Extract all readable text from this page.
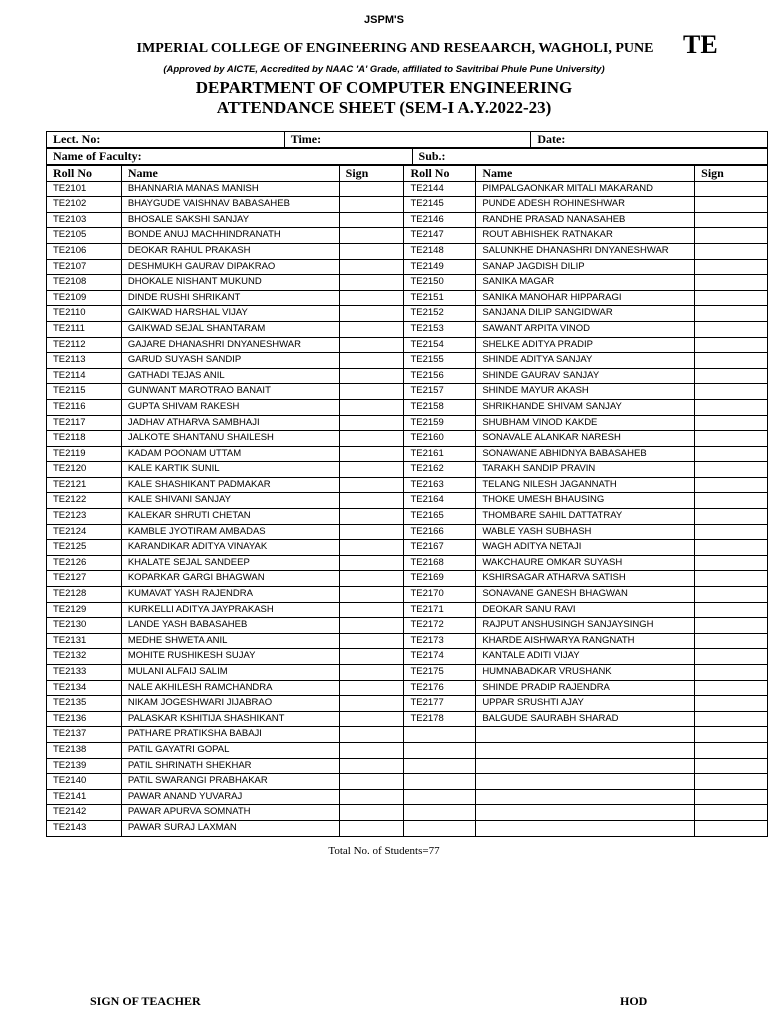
JSPM'S
IMPERIAL COLLEGE OF ENGINEERING AND RESEAARCH, WAGHOLI, PUNE	TE
(Approved by AICTE, Accredited by NAAC 'A' Grade, affiliated to Savitribai Phule Pune University)
DEPARTMENT OF COMPUTER ENGINEERING
ATTENDANCE SHEET (SEM-I A.Y.2022-23)
Lect. No:	Time:	Date:
Name of Faculty:	Sub.:
Roll No	Name	Sign	Roll No	Name	Sign
TE2101	BHANNARIA MANAS MANISH		TE2144	PIMPALGAONKAR MITALI MAKARAND	
TE2102	BHAYGUDE VAISHNAV BABASAHEB		TE2145	PUNDE ADESH ROHINESHWAR	
TE2103	BHOSALE SAKSHI SANJAY		TE2146	RANDHE PRASAD NANASAHEB	
TE2105	BONDE ANUJ MACHHINDRANATH		TE2147	ROUT ABHISHEK RATNAKAR	
TE2106	DEOKAR RAHUL PRAKASH		TE2148	SALUNKHE DHANASHRI DNYANESHWAR	
TE2107	DESHMUKH GAURAV DIPAKRAO		TE2149	SANAP JAGDISH DILIP	
TE2108	DHOKALE NISHANT MUKUND		TE2150	SANIKA MAGAR	
TE2109	DINDE RUSHI SHRIKANT		TE2151	SANIKA MANOHAR HIPPARAGI	
TE2110	GAIKWAD HARSHAL VIJAY		TE2152	SANJANA DILIP SANGIDWAR	
TE2111	GAIKWAD SEJAL SHANTARAM		TE2153	SAWANT ARPITA VINOD	
TE2112	GAJARE DHANASHRI DNYANESHWAR		TE2154	SHELKE ADITYA PRADIP	
TE2113	GARUD SUYASH SANDIP		TE2155	SHINDE ADITYA SANJAY	
TE2114	GATHADI TEJAS ANIL		TE2156	SHINDE GAURAV SANJAY	
TE2115	GUNWANT MAROTRAO BANAIT		TE2157	SHINDE MAYUR AKASH	
TE2116	GUPTA SHIVAM RAKESH		TE2158	SHRIKHANDE SHIVAM SANJAY	
TE2117	JADHAV ATHARVA SAMBHAJI		TE2159	SHUBHAM VINOD KAKDE	
TE2118	JALKOTE SHANTANU SHAILESH		TE2160	SONAVALE ALANKAR NARESH	
TE2119	KADAM POONAM UTTAM		TE2161	SONAWANE ABHIDNYA BABASAHEB	
TE2120	KALE KARTIK SUNIL		TE2162	TARAKH SANDIP PRAVIN	
TE2121	KALE SHASHIKANT PADMAKAR		TE2163	TELANG NILESH JAGANNATH	
TE2122	KALE SHIVANI SANJAY		TE2164	THOKE UMESH BHAUSING	
TE2123	KALEKAR SHRUTI CHETAN		TE2165	THOMBARE SAHIL DATTATRAY	
TE2124	KAMBLE JYOTIRAM AMBADAS		TE2166	WABLE YASH SUBHASH	
TE2125	KARANDIKAR ADITYA VINAYAK		TE2167	WAGH ADITYA NETAJI	
TE2126	KHALATE SEJAL SANDEEP		TE2168	WAKCHAURE OMKAR SUYASH	
TE2127	KOPARKAR GARGI BHAGWAN		TE2169	KSHIRSAGAR ATHARVA SATISH	
TE2128	KUMAVAT YASH RAJENDRA		TE2170	SONAVANE GANESH BHAGWAN	
TE2129	KURKELLI ADITYA JAYPRAKASH		TE2171	DEOKAR SANU RAVI	
TE2130	LANDE YASH BABASAHEB		TE2172	RAJPUT ANSHUSINGH SANJAYSINGH	
TE2131	MEDHE SHWETA ANIL		TE2173	KHARDE AISHWARYA RANGNATH	
TE2132	MOHITE RUSHIKESH SUJAY		TE2174	KANTALE ADITI VIJAY	
TE2133	MULANI ALFAIJ SALIM		TE2175	HUMNABADKAR VRUSHANK	
TE2134	NALE AKHILESH RAMCHANDRA		TE2176	SHINDE PRADIP RAJENDRA	
TE2135	NIKAM JOGESHWARI JIJABRAO		TE2177	UPPAR SRUSHTI AJAY	
TE2136	PALASKAR KSHITIJA SHASHIKANT		TE2178	BALGUDE SAURABH SHARAD	
TE2137	PATHARE PRATIKSHA BABAJI				
TE2138	PATIL GAYATRI GOPAL				
TE2139	PATIL SHRINATH SHEKHAR				
TE2140	PATIL SWARANGI PRABHAKAR				
TE2141	PAWAR ANAND YUVARAJ				
TE2142	PAWAR APURVA SOMNATH				
TE2143	PAWAR SURAJ LAXMAN				
Total No. of Students=77
SIGN OF TEACHER	HOD
